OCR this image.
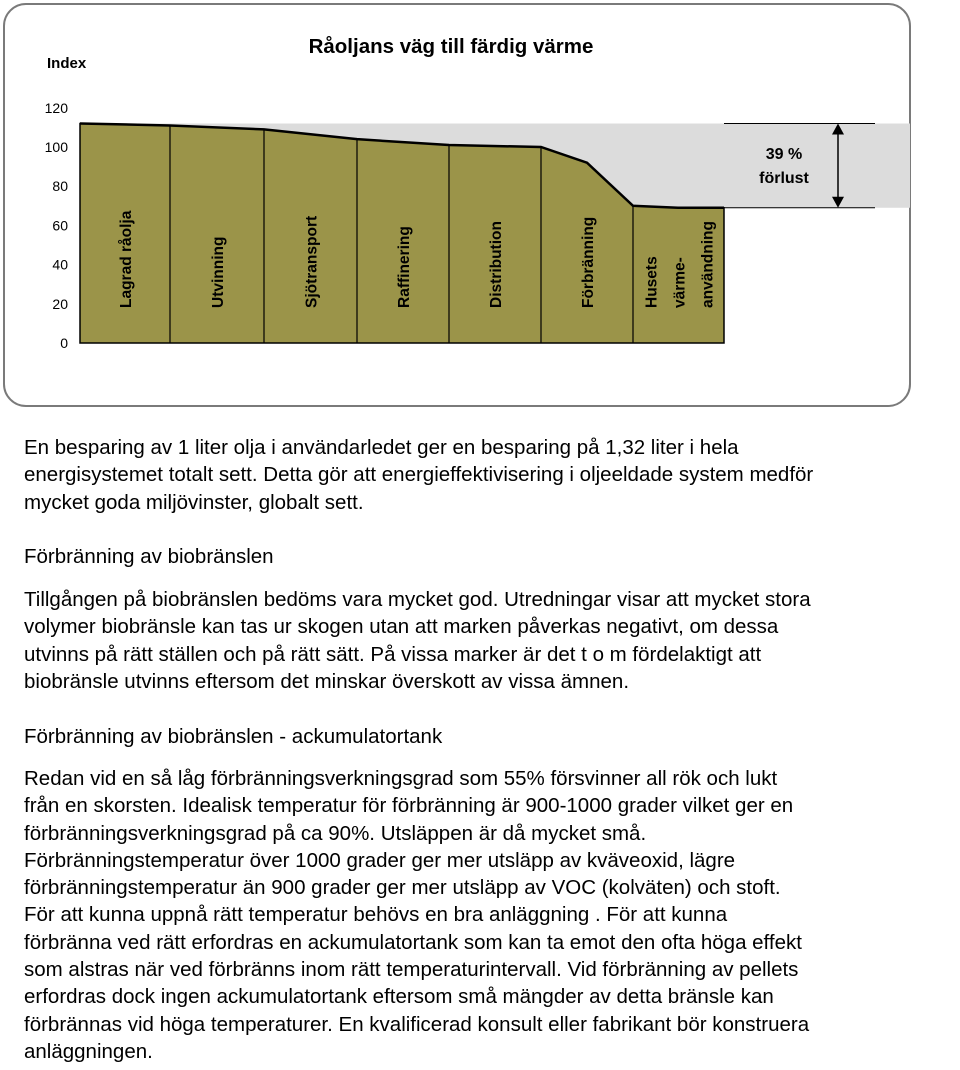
Råoljans väg till färdig värme
Index
0
20
40
60
80
100
120
Lagrad råolja	Utvinning	Sjötransport	Raffinering	Distribution	Förbränning	Husets värme- användning
39 %
förlust

En besparing av 1 liter olja i användarledet ger en besparing på 1,32 liter i hela

energisystemet totalt sett. Detta gör att energieffektivisering i oljeeldade system medför

mycket goda miljövinster, globalt sett.

Förbränning av biobränslen

Tillgången på biobränslen bedöms vara mycket god. Utredningar visar att mycket stora

volymer biobränsle kan tas ur skogen utan att marken påverkas negativt, om dessa

utvinns på rätt ställen och på rätt sätt. På vissa marker är det t o m fördelaktigt att

biobränsle utvinns eftersom det minskar överskott av vissa ämnen.

Förbränning av biobränslen - ackumulatortank

Redan vid en så låg förbränningsverkningsgrad som 55% försvinner all rök och lukt

från en skorsten. Idealisk temperatur för förbränning är 900-1000 grader vilket ger en

förbränningsverkningsgrad på ca 90%. Utsläppen är då mycket små.

Förbränningstemperatur över 1000 grader ger mer utsläpp av kväveoxid, lägre

förbränningstemperatur än 900 grader ger mer utsläpp av VOC (kolväten) och stoft.

För att kunna uppnå rätt temperatur behövs en bra anläggning . För att kunna

förbränna ved rätt erfordras en ackumulatortank som kan ta emot den ofta höga effekt

som alstras när ved förbränns inom rätt temperaturintervall. Vid förbränning av pellets

erfordras dock ingen ackumulatortank eftersom små mängder av detta bränsle kan

förbrännas vid höga temperaturer. En kvalificerad konsult eller fabrikant bör konstruera

anläggningen.
